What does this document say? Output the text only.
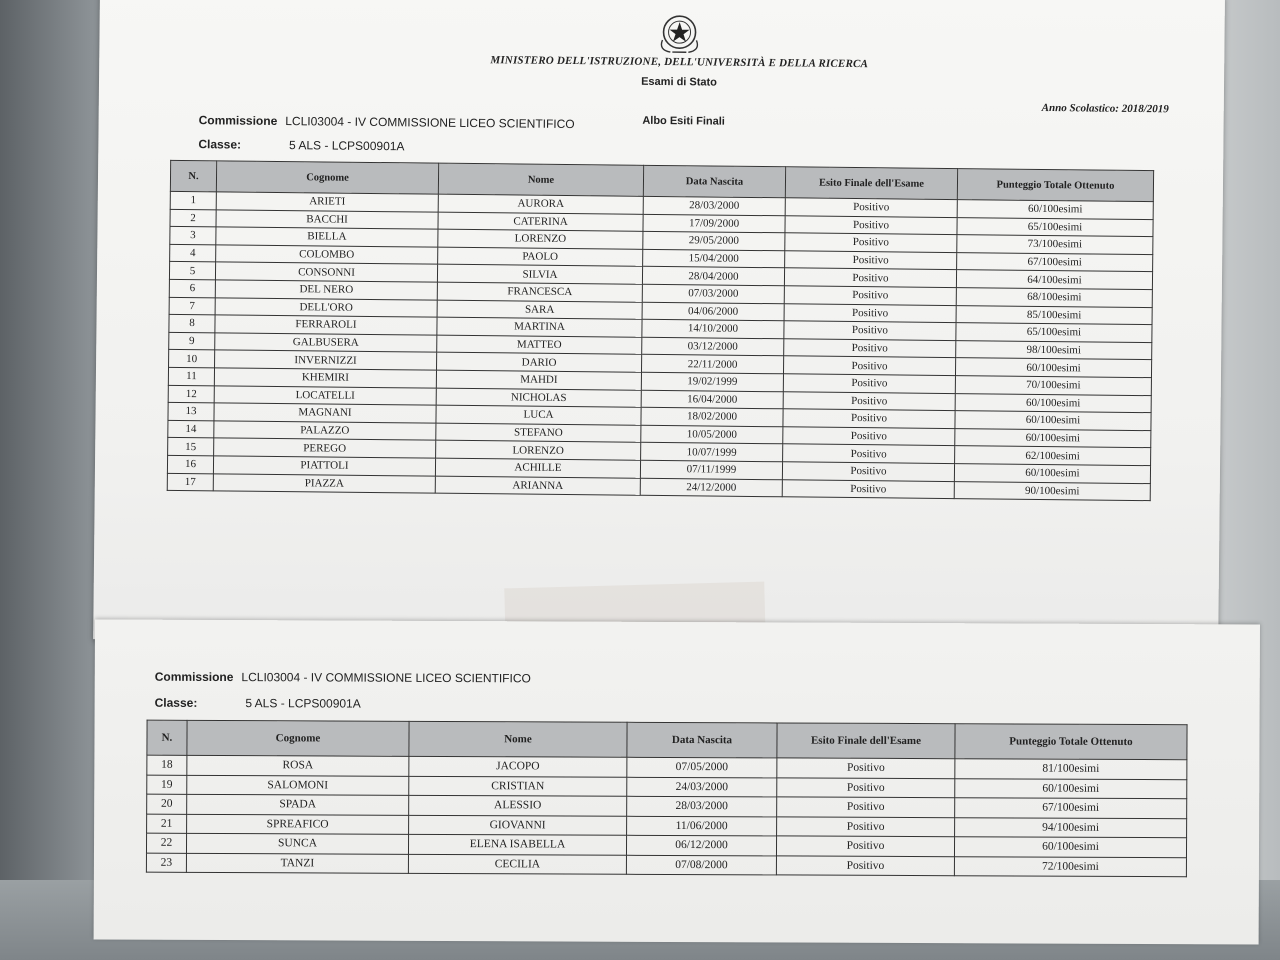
MINISTERO DELL'ISTRUZIONE, DELL'UNIVERSITÀ E DELLA RICERCA
Esami di Stato
Anno Scolastico: 2018/2019
Albo Esiti Finali
Commissione LCLI03004 - IV COMMISSIONE LICEO SCIENTIFICO
Classe:	5 ALS - LCPS00901A
N.	Cognome	Nome	Data Nascita	Esito Finale dell'Esame	Punteggio Totale Ottenuto
1	ARIETI	AURORA	28/03/2000	Positivo	60/100esimi
2	BACCHI	CATERINA	17/09/2000	Positivo	65/100esimi
3	BIELLA	LORENZO	29/05/2000	Positivo	73/100esimi
4	COLOMBO	PAOLO	15/04/2000	Positivo	67/100esimi
5	CONSONNI	SILVIA	28/04/2000	Positivo	64/100esimi
6	DEL NERO	FRANCESCA	07/03/2000	Positivo	68/100esimi
7	DELL'ORO	SARA	04/06/2000	Positivo	85/100esimi
8	FERRAROLI	MARTINA	14/10/2000	Positivo	65/100esimi
9	GALBUSERA	MATTEO	03/12/2000	Positivo	98/100esimi
10	INVERNIZZI	DARIO	22/11/2000	Positivo	60/100esimi
11	KHEMIRI	MAHDI	19/02/1999	Positivo	70/100esimi
12	LOCATELLI	NICHOLAS	16/04/2000	Positivo	60/100esimi
13	MAGNANI	LUCA	18/02/2000	Positivo	60/100esimi
14	PALAZZO	STEFANO	10/05/2000	Positivo	60/100esimi
15	PEREGO	LORENZO	10/07/1999	Positivo	62/100esimi
16	PIATTOLI	ACHILLE	07/11/1999	Positivo	60/100esimi
17	PIAZZA	ARIANNA	24/12/2000	Positivo	90/100esimi
Commissione LCLI03004 - IV COMMISSIONE LICEO SCIENTIFICO
Classe:	5 ALS - LCPS00901A
N.	Cognome	Nome	Data Nascita	Esito Finale dell'Esame	Punteggio Totale Ottenuto
18	ROSA	JACOPO	07/05/2000	Positivo	81/100esimi
19	SALOMONI	CRISTIAN	24/03/2000	Positivo	60/100esimi
20	SPADA	ALESSIO	28/03/2000	Positivo	67/100esimi
21	SPREAFICO	GIOVANNI	11/06/2000	Positivo	94/100esimi
22	SUNCA	ELENA ISABELLA	06/12/2000	Positivo	60/100esimi
23	TANZI	CECILIA	07/08/2000	Positivo	72/100esimi
